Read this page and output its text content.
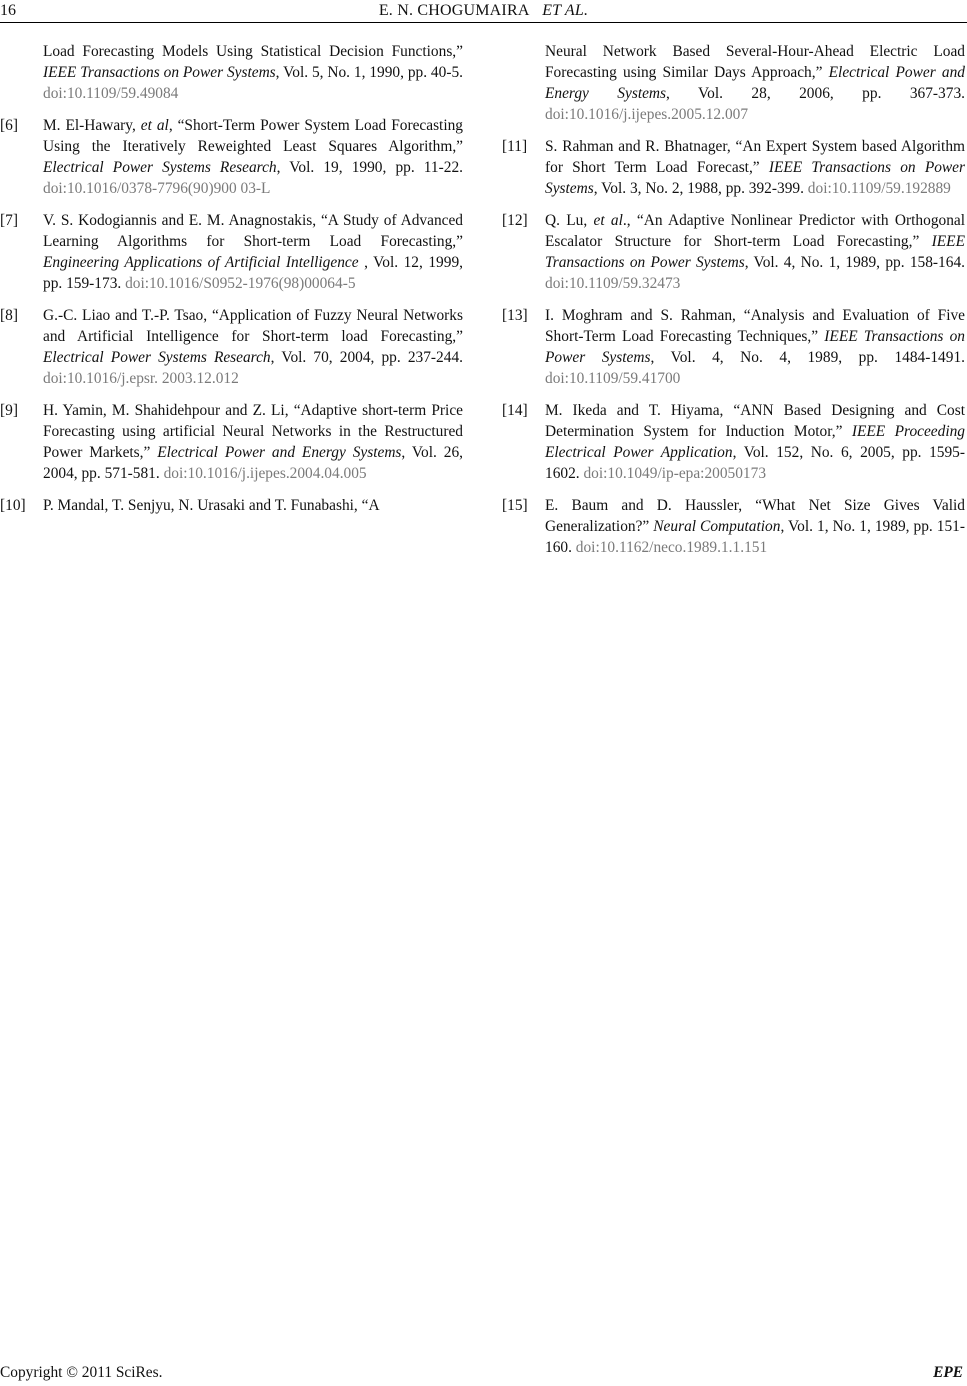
16	E. N. CHOGUMAIRA ET AL.
Load Forecasting Models Using Statistical Decision Functions,” IEEE Transactions on Power Systems, Vol. 5, No. 1, 1990, pp. 40-5. doi:10.1109/59.49084
[6] M. El-Hawary, et al, “Short-Term Power System Load Forecasting Using the Iteratively Reweighted Least Squares Algorithm,” Electrical Power Systems Research, Vol. 19, 1990, pp. 11-22. doi:10.1016/0378-7796(90)900 03-L
[7] V. S. Kodogiannis and E. M. Anagnostakis, “A Study of Advanced Learning Algorithms for Short-term Load Forecasting,” Engineering Applications of Artificial Intelligence , Vol. 12, 1999, pp. 159-173. doi:10.1016/S0952-1976(98)00064-5
[8] G.-C. Liao and T.-P. Tsao, “Application of Fuzzy Neural Networks and Artificial Intelligence for Short-term load Forecasting,” Electrical Power Systems Research, Vol. 70, 2004, pp. 237-244. doi:10.1016/j.epsr. 2003.12.012
[9] H. Yamin, M. Shahidehpour and Z. Li, “Adaptive short-term Price Forecasting using artificial Neural Networks in the Restructured Power Markets,” Electrical Power and Energy Systems, Vol. 26, 2004, pp. 571-581. doi:10.1016/j.ijepes.2004.04.005
[10] P. Mandal, T. Senjyu, N. Urasaki and T. Funabashi, “A
Neural Network Based Several-Hour-Ahead Electric Load Forecasting using Similar Days Approach,” Electrical Power and Energy Systems, Vol. 28, 2006, pp. 367-373. doi:10.1016/j.ijepes.2005.12.007
[11] S. Rahman and R. Bhatnager, “An Expert System based Algorithm for Short Term Load Forecast,” IEEE Transactions on Power Systems, Vol. 3, No. 2, 1988, pp. 392-399. doi:10.1109/59.192889
[12] Q. Lu, et al., “An Adaptive Nonlinear Predictor with Orthogonal Escalator Structure for Short-term Load Forecasting,” IEEE Transactions on Power Systems, Vol. 4, No. 1, 1989, pp. 158-164. doi:10.1109/59.32473
[13] I. Moghram and S. Rahman, “Analysis and Evaluation of Five Short-Term Load Forecasting Techniques,” IEEE Transactions on Power Systems, Vol. 4, No. 4, 1989, pp. 1484-1491. doi:10.1109/59.41700
[14] M. Ikeda and T. Hiyama, “ANN Based Designing and Cost Determination System for Induction Motor,” IEEE Proceeding Electrical Power Application, Vol. 152, No. 6, 2005, pp. 1595-1602. doi:10.1049/ip-epa:20050173
[15] E. Baum and D. Haussler, “What Net Size Gives Valid Generalization?” Neural Computation, Vol. 1, No. 1, 1989, pp. 151-160. doi:10.1162/neco.1989.1.1.151
Copyright © 2011 SciRes.	EPE
